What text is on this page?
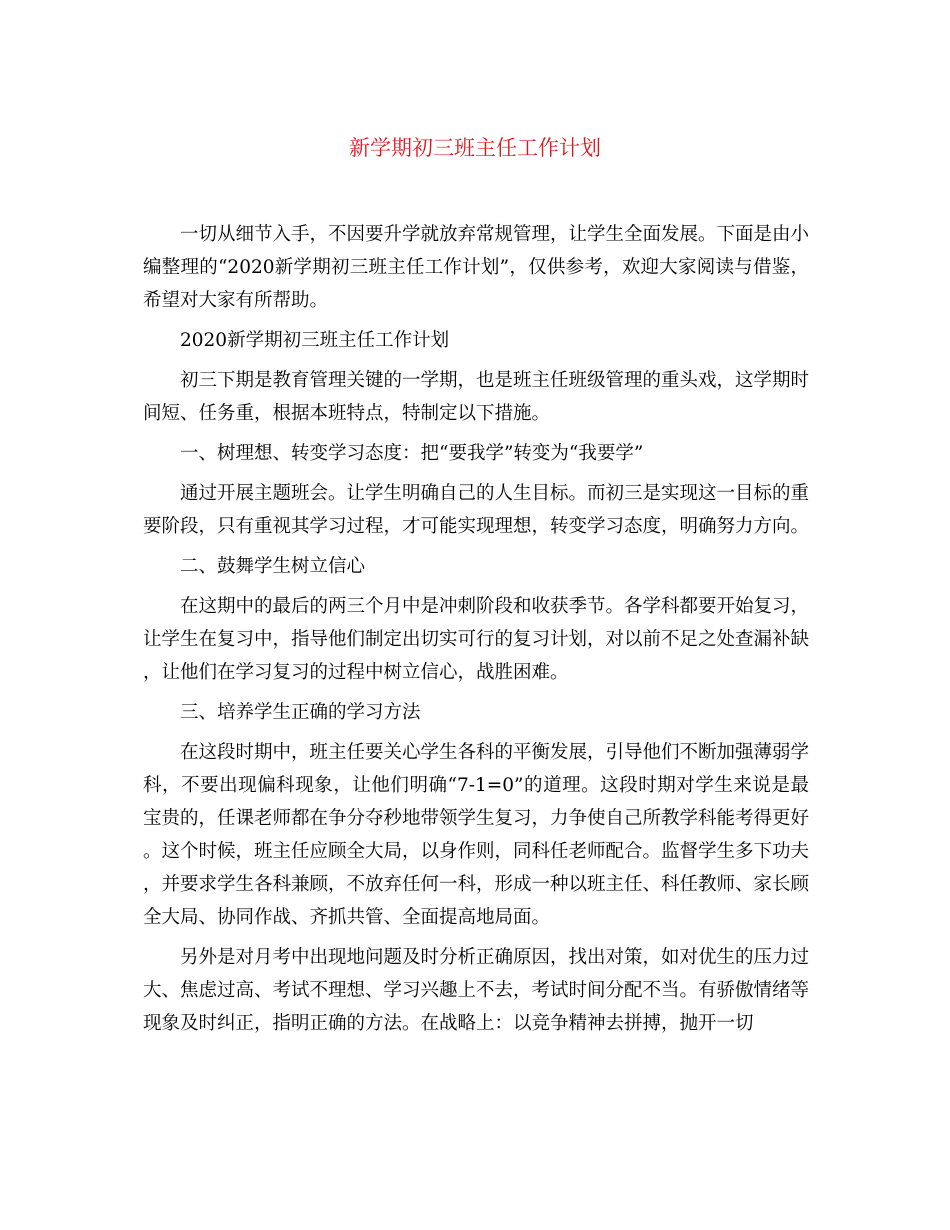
新学期初三班主任工作计划

一切从细节入手，不因要升学就放弃常规管理，让学生全面发展。下面是由小编整理的“2020新学期初三班主任工作计划”，仅供参考，欢迎大家阅读与借鉴，希望对大家有所帮助。

2020新学期初三班主任工作计划

初三下期是教育管理关键的一学期，也是班主任班级管理的重头戏，这学期时间短、任务重，根据本班特点，特制定以下措施。

一、树理想、转变学习态度：把“要我学”转变为“我要学”

通过开展主题班会。让学生明确自己的人生目标。而初三是实现这一目标的重要阶段，只有重视其学习过程，才可能实现理想，转变学习态度，明确努力方向。

二、鼓舞学生树立信心

在这期中的最后的两三个月中是冲刺阶段和收获季节。各学科都要开始复习，让学生在复习中，指导他们制定出切实可行的复习计划，对以前不足之处查漏补缺，让他们在学习复习的过程中树立信心，战胜困难。

三、培养学生正确的学习方法

在这段时期中，班主任要关心学生各科的平衡发展，引导他们不断加强薄弱学科，不要出现偏科现象，让他们明确“7-1=0”的道理。这段时期对学生来说是最宝贵的，任课老师都在争分夺秒地带领学生复习，力争使自己所教学科能考得更好。这个时候，班主任应顾全大局，以身作则，同科任老师配合。监督学生多下功夫，并要求学生各科兼顾，不放弃任何一科，形成一种以班主任、科任教师、家长顾全大局、协同作战、齐抓共管、全面提高地局面。

另外是对月考中出现地问题及时分析正确原因，找出对策，如对优生的压力过大、焦虑过高、考试不理想、学习兴趣上不去，考试时间分配不当。有骄傲情绪等现象及时纠正，指明正确的方法。在战略上：以竞争精神去拼搏，抛开一切
